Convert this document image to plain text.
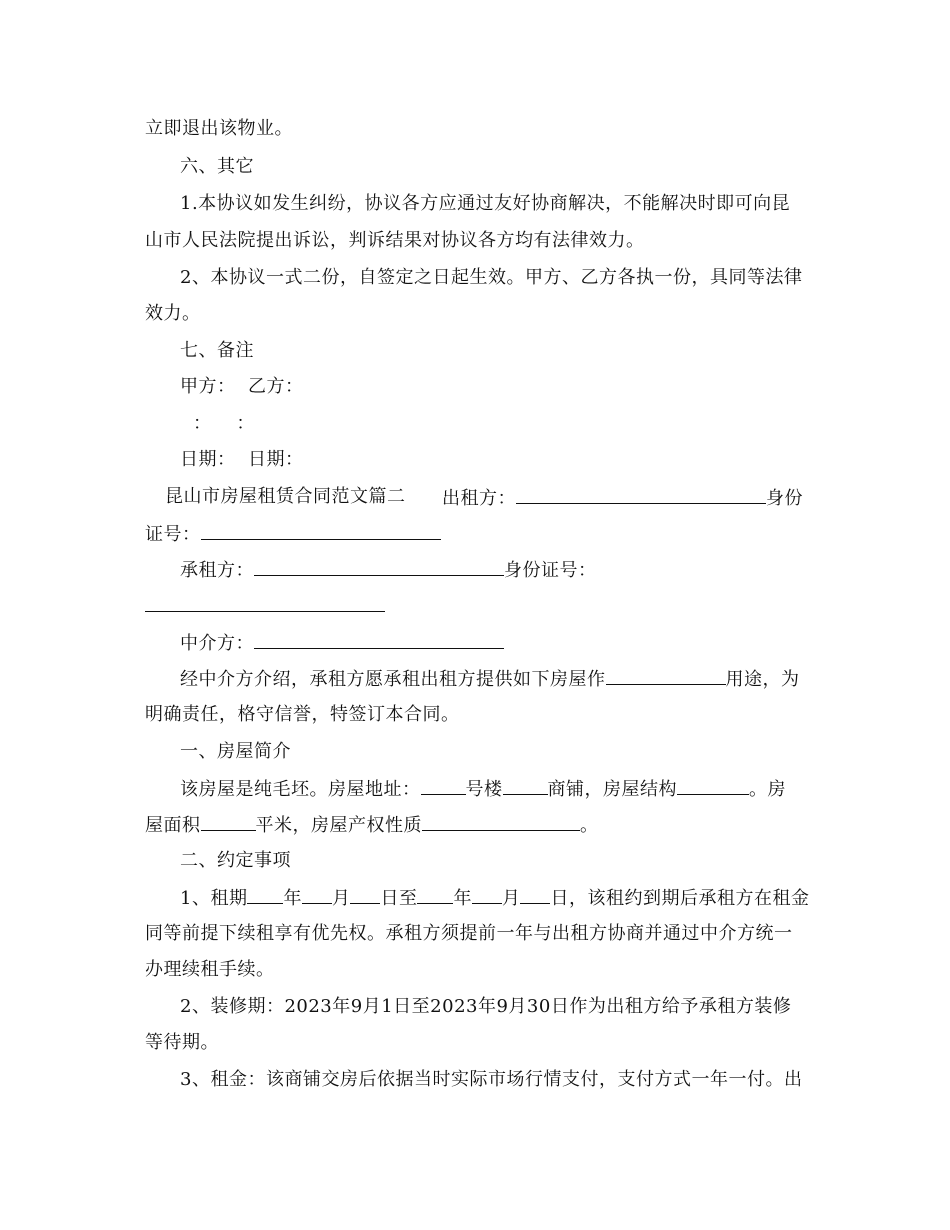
立即退出该物业。
六、其它
1.本协议如发生纠纷，协议各方应通过友好协商解决，不能解决时即可向昆
山市人民法院提出诉讼，判诉结果对协议各方均有法律效力。
2、本协议一式二份，自签定之日起生效。甲方、乙方各执一份，具同等法律
效力。
七、备注
甲方：  乙方：
：    ：
日期：  日期：
昆山市房屋租赁合同范文篇二 出租方：	身份
证号：
承租方：	身份证号：
中介方：
经中介方介绍，承租方愿承租出租方提供如下房屋作	用途，为
明确责任，格守信誉，特签订本合同。
一、房屋简介
该房屋是纯毛坯。房屋地址：	号楼	商铺，房屋结构	。房
屋面积	平米，房屋产权性质	。
二、约定事项
1、租期 年 月 日至 年 月 日，该租约到期后承租方在租金
同等前提下续租享有优先权。承租方须提前一年与出租方协商并通过中介方统一
办理续租手续。
2、装修期：2023年9月1日至2023年9月30日作为出租方给予承租方装修
等待期。
3、租金：该商铺交房后依据当时实际市场行情支付，支付方式一年一付。出
